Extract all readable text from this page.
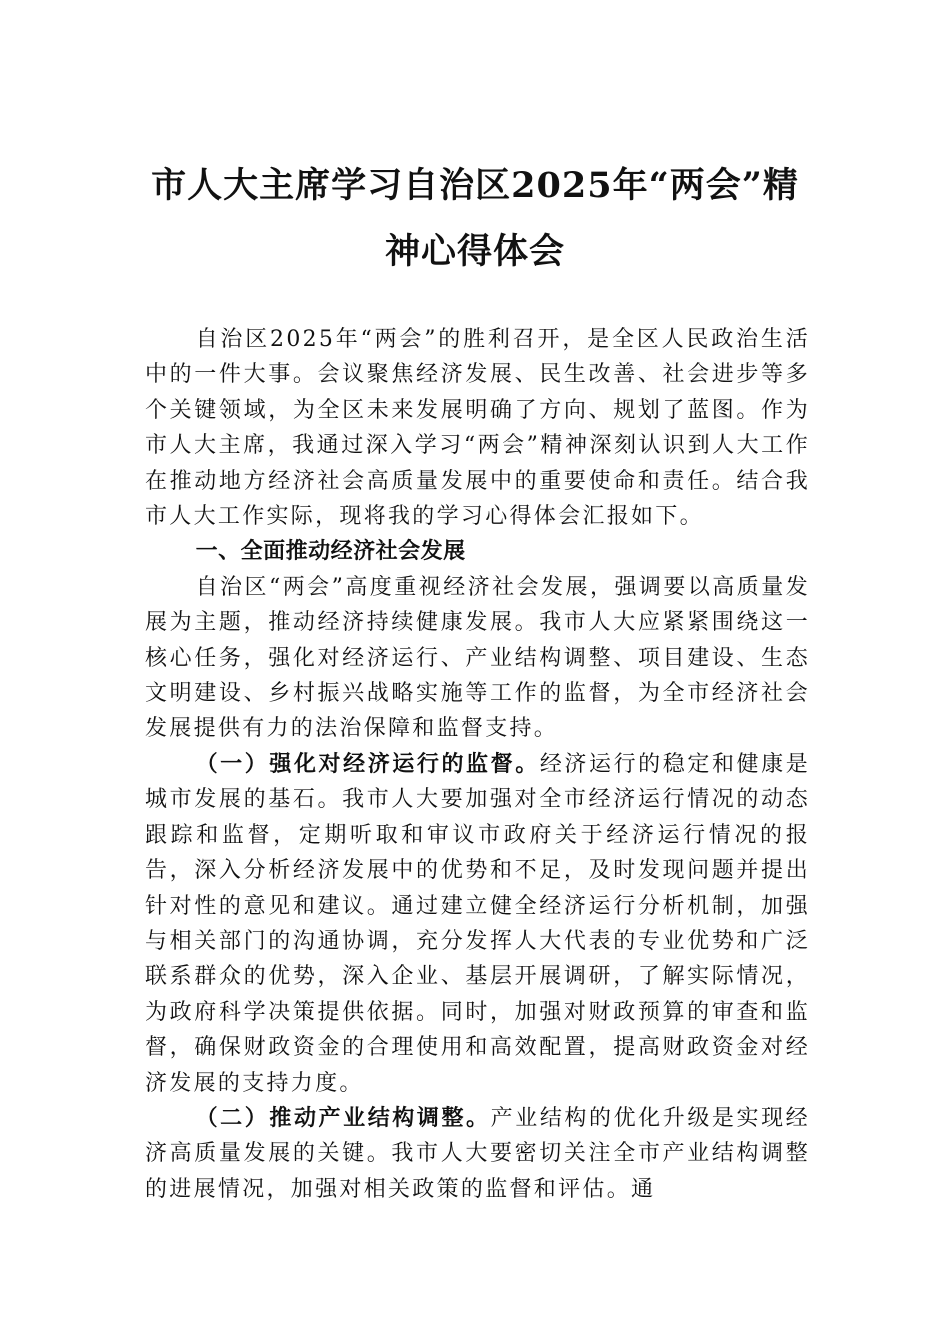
市人大主席学习自治区2025年“两会”精
神心得体会

自治区2025年“两会”的胜利召开，是全区人民政治生活中的一件大事。会议聚焦经济发展、民生改善、社会进步等多个关键领域，为全区未来发展明确了方向、规划了蓝图。作为市人大主席，我通过深入学习“两会”精神深刻认识到人大工作在推动地方经济社会高质量发展中的重要使命和责任。结合我市人大工作实际，现将我的学习心得体会汇报如下。

一、全面推动经济社会发展

自治区“两会”高度重视经济社会发展，强调要以高质量发展为主题，推动经济持续健康发展。我市人大应紧紧围绕这一核心任务，强化对经济运行、产业结构调整、项目建设、生态文明建设、乡村振兴战略实施等工作的监督，为全市经济社会发展提供有力的法治保障和监督支持。

（一）强化对经济运行的监督。经济运行的稳定和健康是城市发展的基石。我市人大要加强对全市经济运行情况的动态跟踪和监督，定期听取和审议市政府关于经济运行情况的报告，深入分析经济发展中的优势和不足，及时发现问题并提出针对性的意见和建议。通过建立健全经济运行分析机制，加强与相关部门的沟通协调，充分发挥人大代表的专业优势和广泛联系群众的优势，深入企业、基层开展调研，了解实际情况，为政府科学决策提供依据。同时，加强对财政预算的审查和监督，确保财政资金的合理使用和高效配置，提高财政资金对经济发展的支持力度。

（二）推动产业结构调整。产业结构的优化升级是实现经济高质量发展的关键。我市人大要密切关注全市产业结构调整的进展情况，加强对相关政策的监督和评估。通
